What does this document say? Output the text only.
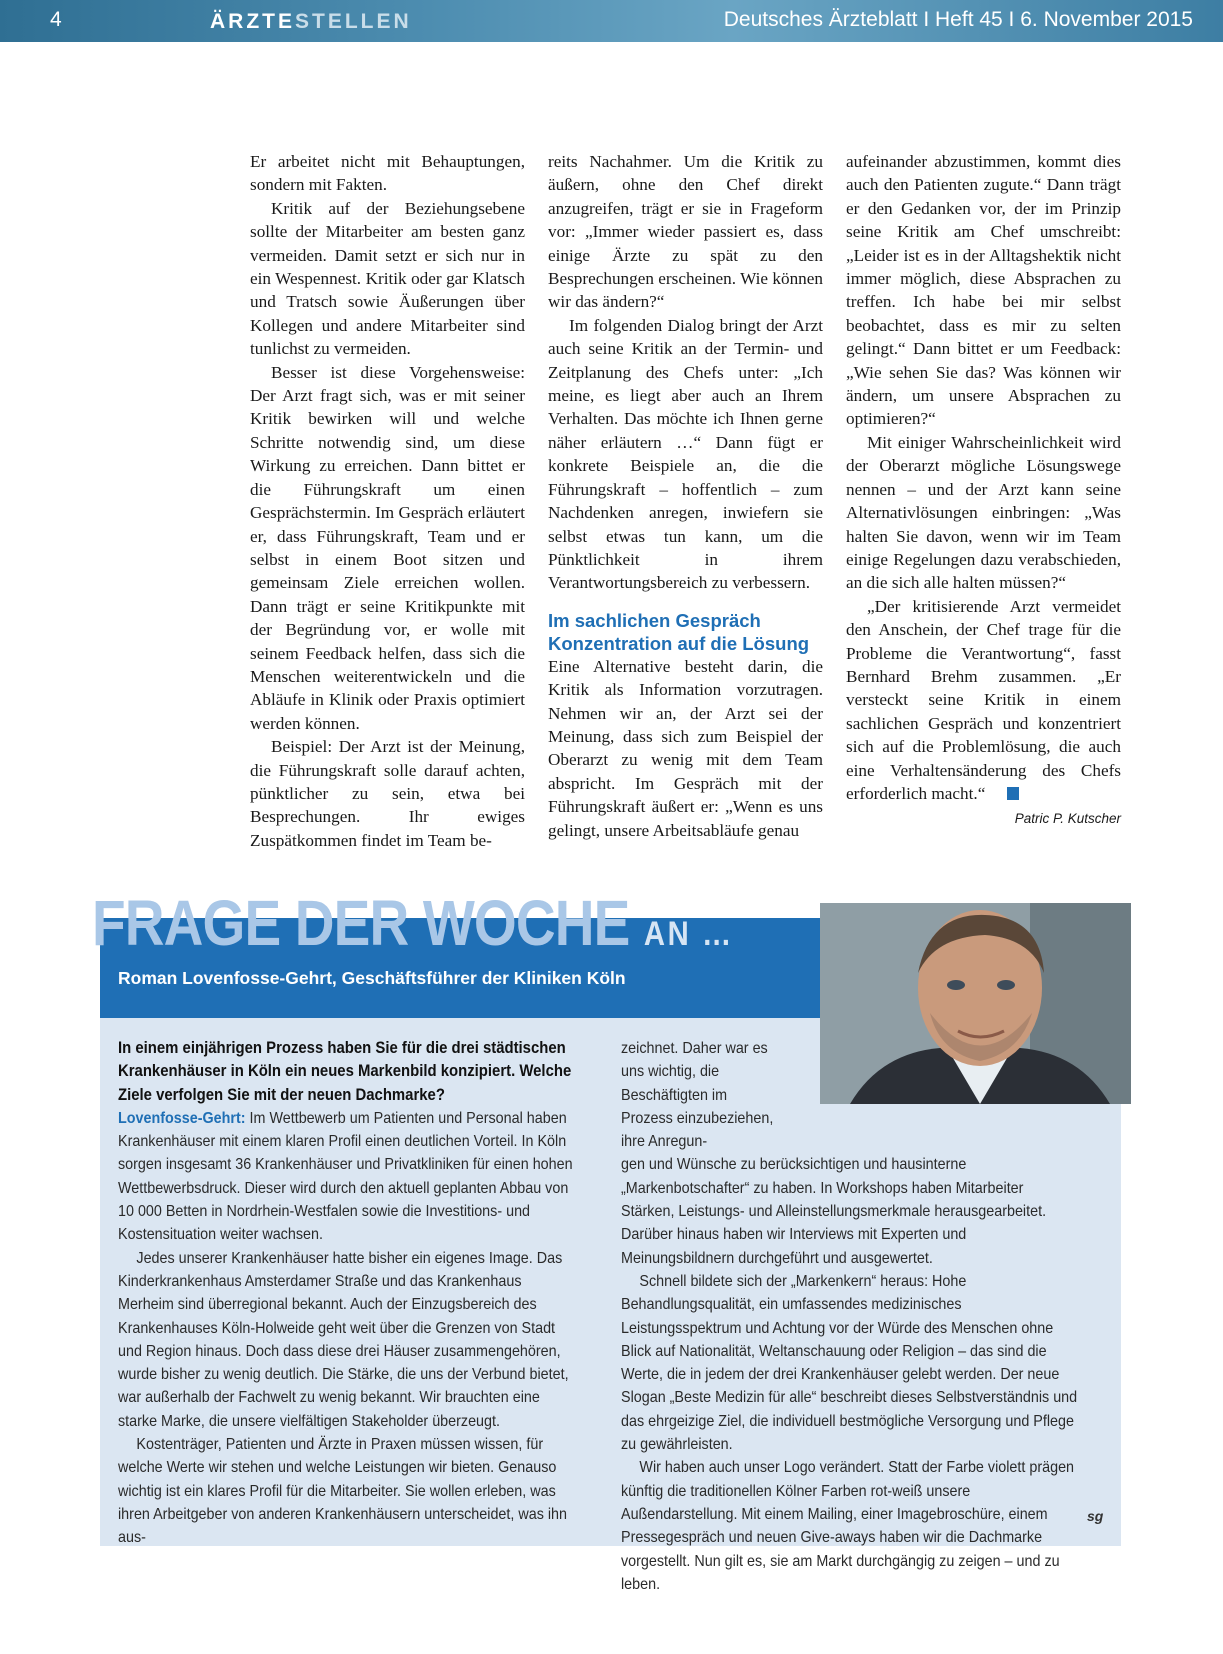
4	ÄRZTESTELLEN	Deutsches Ärzteblatt I Heft 45 I 6. November 2015

Er arbeitet nicht mit Behauptungen, sondern mit Fakten.

Kritik auf der Beziehungsebene sollte der Mitarbeiter am besten ganz vermeiden. Damit setzt er sich nur in ein Wespennest. Kritik oder gar Klatsch und Tratsch sowie Äußerungen über Kollegen und andere Mitarbeiter sind tunlichst zu vermeiden.

Besser ist diese Vorgehensweise: Der Arzt fragt sich, was er mit seiner Kritik bewirken will und welche Schritte notwendig sind, um diese Wirkung zu erreichen. Dann bittet er die Führungskraft um einen Gesprächstermin. Im Gespräch erläutert er, dass Führungskraft, Team und er selbst in einem Boot sitzen und gemeinsam Ziele erreichen wollen. Dann trägt er seine Kritikpunkte mit der Begründung vor, er wolle mit seinem Feedback helfen, dass sich die Menschen weiterentwickeln und die Abläufe in Klinik oder Praxis optimiert werden können.

Beispiel: Der Arzt ist der Meinung, die Führungskraft solle darauf achten, pünktlicher zu sein, etwa bei Besprechungen. Ihr ewiges Zuspätkommen findet im Team be-

reits Nachahmer. Um die Kritik zu äußern, ohne den Chef direkt anzugreifen, trägt er sie in Frageform vor: „Immer wieder passiert es, dass einige Ärzte zu spät zu den Besprechungen erscheinen. Wie können wir das ändern?“

Im folgenden Dialog bringt der Arzt auch seine Kritik an der Termin- und Zeitplanung des Chefs unter: „Ich meine, es liegt aber auch an Ihrem Verhalten. Das möchte ich Ihnen gerne näher erläutern …“ Dann fügt er konkrete Beispiele an, die die Führungskraft – hoffentlich – zum Nachdenken anregen, inwiefern sie selbst etwas tun kann, um die Pünktlichkeit in ihrem Verantwortungsbereich zu verbessern.

Im sachlichen Gespräch
Konzentration auf die Lösung

Eine Alternative besteht darin, die Kritik als Information vorzutragen. Nehmen wir an, der Arzt sei der Meinung, dass sich zum Beispiel der Oberarzt zu wenig mit dem Team abspricht. Im Gespräch mit der Führungskraft äußert er: „Wenn es uns gelingt, unsere Arbeitsabläufe genau

aufeinander abzustimmen, kommt dies auch den Patienten zugute.“ Dann trägt er den Gedanken vor, der im Prinzip seine Kritik am Chef umschreibt: „Leider ist es in der Alltagshektik nicht immer möglich, diese Absprachen zu treffen. Ich habe bei mir selbst beobachtet, dass es mir zu selten gelingt.“ Dann bittet er um Feedback: „Wie sehen Sie das? Was können wir ändern, um unsere Absprachen zu optimieren?“

Mit einiger Wahrscheinlichkeit wird der Oberarzt mögliche Lösungswege nennen – und der Arzt kann seine Alternativlösungen einbringen: „Was halten Sie davon, wenn wir im Team einige Regelungen dazu verabschieden, an die sich alle halten müssen?“

„Der kritisierende Arzt vermeidet den Anschein, der Chef trage für die Probleme die Verantwortung“, fasst Bernhard Brehm zusammen. „Er versteckt seine Kritik in einem sachlichen Gespräch und konzentriert sich auf die Problemlösung, die auch eine Verhaltensänderung des Chefs erforderlich macht.“

Patric P. Kutscher
FRAGE DER WOCHE AN …
Roman Lovenfosse-Gehrt, Geschäftsführer der Kliniken Köln

In einem einjährigen Prozess haben Sie für die drei städtischen Krankenhäuser in Köln ein neues Markenbild konzipiert. Welche Ziele verfolgen Sie mit der neuen Dachmarke?

Lovenfosse-Gehrt: Im Wettbewerb um Patienten und Personal haben Krankenhäuser mit einem klaren Profil einen deutlichen Vorteil. In Köln sorgen insgesamt 36 Krankenhäuser und Privatkliniken für einen hohen Wettbewerbsdruck. Dieser wird durch den aktuell geplanten Abbau von 10 000 Betten in Nordrhein-Westfalen sowie die Investitions- und Kostensituation weiter wachsen.

Jedes unserer Krankenhäuser hatte bisher ein eigenes Image. Das Kinderkrankenhaus Amsterdamer Straße und das Krankenhaus Merheim sind überregional bekannt. Auch der Einzugsbereich des Krankenhauses Köln-Holweide geht weit über die Grenzen von Stadt und Region hinaus. Doch dass diese drei Häuser zusammengehören, wurde bisher zu wenig deutlich. Die Stärke, die uns der Verbund bietet, war außerhalb der Fachwelt zu wenig bekannt. Wir brauchten eine starke Marke, die unsere vielfältigen Stakeholder überzeugt.

Kostenträger, Patienten und Ärzte in Praxen müssen wissen, für welche Werte wir stehen und welche Leistungen wir bieten. Genauso wichtig ist ein klares Profil für die Mitarbeiter. Sie wollen erleben, was ihren Arbeitgeber von anderen Krankenhäusern unterscheidet, was ihn aus-

zeichnet. Daher war es uns wichtig, die Beschäftigten im Prozess einzubeziehen, ihre Anregun-

gen und Wünsche zu berücksichtigen und hausinterne „Markenbotschafter“ zu haben. In Workshops haben Mitarbeiter Stärken, Leistungs- und Alleinstellungsmerkmale herausgearbeitet. Darüber hinaus haben wir Interviews mit Experten und Meinungsbildnern durchgeführt und ausgewertet.

Schnell bildete sich der „Markenkern“ heraus: Hohe Behandlungsqualität, ein umfassendes medizinisches Leistungsspektrum und Achtung vor der Würde des Menschen ohne Blick auf Nationalität, Weltanschauung oder Religion – das sind die Werte, die in jedem der drei Krankenhäuser gelebt werden. Der neue Slogan „Beste Medizin für alle“ beschreibt dieses Selbstverständnis und das ehrgeizige Ziel, die individuell bestmögliche Versorgung und Pflege zu gewährleisten.

Wir haben auch unser Logo verändert. Statt der Farbe violett prägen künftig die traditionellen Kölner Farben rot-weiß unsere Außendarstellung. Mit einem Mailing, einer Imagebroschüre, einem Pressegespräch und neuen Give-aways haben wir die Dachmarke vorgestellt. Nun gilt es, sie am Markt durchgängig zu zeigen – und zu leben.

sg
